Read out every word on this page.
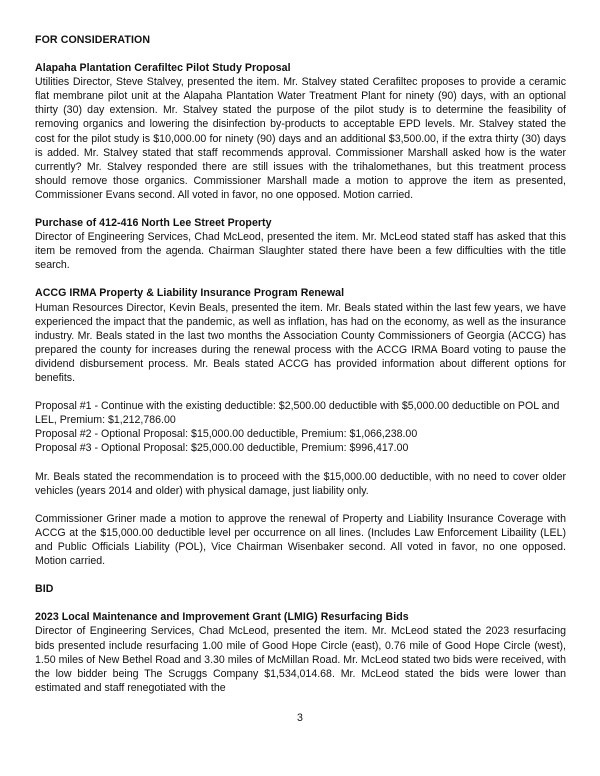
FOR CONSIDERATION

Alapaha Plantation Cerafiltec Pilot Study Proposal

Utilities Director, Steve Stalvey, presented the item. Mr. Stalvey stated Cerafiltec proposes to provide a ceramic flat membrane pilot unit at the Alapaha Plantation Water Treatment Plant for ninety (90) days, with an optional thirty (30) day extension. Mr. Stalvey stated the purpose of the pilot study is to determine the feasibility of removing organics and lowering the disinfection by-products to acceptable EPD levels. Mr. Stalvey stated the cost for the pilot study is $10,000.00 for ninety (90) days and an additional $3,500.00, if the extra thirty (30) days is added. Mr. Stalvey stated that staff recommends approval. Commissioner Marshall asked how is the water currently? Mr. Stalvey responded there are still issues with the trihalomethanes, but this treatment process should remove those organics. Commissioner Marshall made a motion to approve the item as presented, Commissioner Evans second. All voted in favor, no one opposed. Motion carried.

Purchase of 412-416 North Lee Street Property

Director of Engineering Services, Chad McLeod, presented the item. Mr. McLeod stated staff has asked that this item be removed from the agenda. Chairman Slaughter stated there have been a few difficulties with the title search.

ACCG IRMA Property & Liability Insurance Program Renewal

Human Resources Director, Kevin Beals, presented the item. Mr. Beals stated within the last few years, we have experienced the impact that the pandemic, as well as inflation, has had on the economy, as well as the insurance industry. Mr. Beals stated in the last two months the Association County Commissioners of Georgia (ACCG) has prepared the county for increases during the renewal process with the ACCG IRMA Board voting to pause the dividend disbursement process. Mr. Beals stated ACCG has provided information about different options for benefits.

Proposal #1 - Continue with the existing deductible: $2,500.00 deductible with $5,000.00 deductible on POL and LEL, Premium: $1,212,786.00

Proposal #2 - Optional Proposal: $15,000.00 deductible, Premium: $1,066,238.00

Proposal #3 - Optional Proposal: $25,000.00 deductible, Premium: $996,417.00

Mr. Beals stated the recommendation is to proceed with the $15,000.00 deductible, with no need to cover older vehicles (years 2014 and older) with physical damage, just liability only.

Commissioner Griner made a motion to approve the renewal of Property and Liability Insurance Coverage with ACCG at the $15,000.00 deductible level per occurrence on all lines. (Includes Law Enforcement Libaility (LEL) and Public Officials Liability (POL), Vice Chairman Wisenbaker second. All voted in favor, no one opposed. Motion carried.

BID

2023 Local Maintenance and Improvement Grant (LMIG) Resurfacing Bids

Director of Engineering Services, Chad McLeod, presented the item. Mr. McLeod stated the 2023 resurfacing bids presented include resurfacing 1.00 mile of Good Hope Circle (east), 0.76 mile of Good Hope Circle (west), 1.50 miles of New Bethel Road and 3.30 miles of McMillan Road. Mr. McLeod stated two bids were received, with the low bidder being The Scruggs Company $1,534,014.68. Mr. McLeod stated the bids were lower than estimated and staff renegotiated with the

3
